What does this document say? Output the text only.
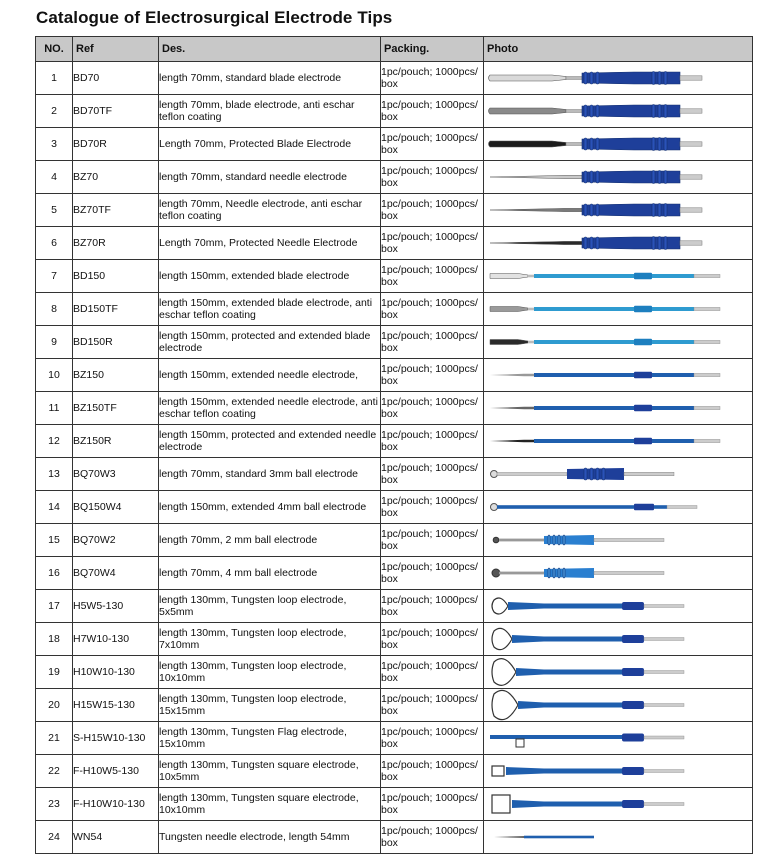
Catalogue of Electrosurgical Electrode Tips
NO.	Ref	Des.	Packing.	Photo
1	BD70	length 70mm, standard blade electrode	1pc/pouch; 1000pcs/ box	

2	BD70TF	length 70mm, blade electrode, anti eschar teflon coating	1pc/pouch; 1000pcs/ box	

3	BD70R	Length 70mm, Protected Blade Electrode	1pc/pouch; 1000pcs/ box	

4	BZ70	length 70mm, standard needle electrode	1pc/pouch; 1000pcs/ box	

5	BZ70TF	length 70mm, Needle electrode, anti eschar teflon coating	1pc/pouch; 1000pcs/ box	

6	BZ70R	Length 70mm, Protected Needle Electrode	1pc/pouch; 1000pcs/ box	

7	BD150	length 150mm, extended blade electrode	1pc/pouch; 1000pcs/ box	

8	BD150TF	length 150mm, extended blade electrode, anti eschar teflon coating	1pc/pouch; 1000pcs/ box	

9	BD150R	length 150mm, protected and extended blade electrode	1pc/pouch; 1000pcs/ box	

10	BZ150	length 150mm, extended needle electrode,	1pc/pouch; 1000pcs/ box	

11	BZ150TF	length 150mm, extended needle electrode, anti eschar teflon coating	1pc/pouch; 1000pcs/ box	

12	BZ150R	length 150mm, protected and extended needle electrode	1pc/pouch; 1000pcs/ box	

13	BQ70W3	length 70mm, standard 3mm ball electrode	1pc/pouch; 1000pcs/ box	

14	BQ150W4	length 150mm, extended 4mm ball electrode	1pc/pouch; 1000pcs/ box	

15	BQ70W2	length 70mm, 2 mm ball electrode	1pc/pouch; 1000pcs/ box	

16	BQ70W4	length 70mm, 4 mm ball electrode	1pc/pouch; 1000pcs/ box	

17	H5W5-130	length 130mm, Tungsten loop electrode, 5x5mm	1pc/pouch; 1000pcs/ box	

18	H7W10-130	length 130mm, Tungsten loop electrode, 7x10mm	1pc/pouch; 1000pcs/ box	

19	H10W10-130	length 130mm, Tungsten loop electrode, 10x10mm	1pc/pouch; 1000pcs/ box	

20	H15W15-130	length 130mm, Tungsten loop electrode, 15x15mm	1pc/pouch; 1000pcs/ box	

21	S-H15W10-130	length 130mm, Tungsten Flag electrode, 15x10mm	1pc/pouch; 1000pcs/ box	

22	F-H10W5-130	length 130mm, Tungsten square electrode, 10x5mm	1pc/pouch; 1000pcs/ box	

23	F-H10W10-130	length 130mm, Tungsten square electrode, 10x10mm	1pc/pouch; 1000pcs/ box	

24	WN54	Tungsten needle electrode, length 54mm	1pc/pouch; 1000pcs/ box	
